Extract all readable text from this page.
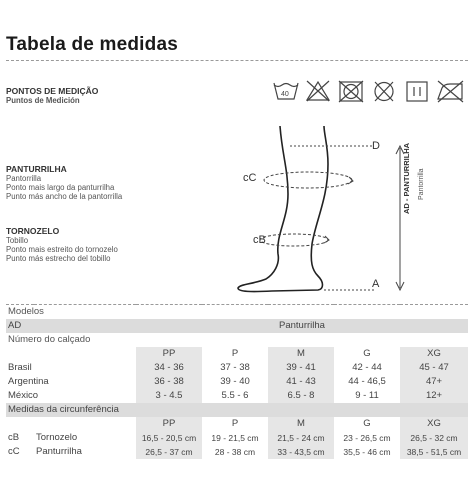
Tabela de medidas
PONTOS DE MEDIÇÃO
Puntos de Medición
40
PANTURRILHA
Pantorrilla
Ponto mais largo da panturrilha
Punto más ancho de la pantorrilla
TORNOZELO
Tobillo
Ponto mais estreito do tornozelo
Punto más estrecho del tobillo
cC
cB
D
A
AD - PANTURRILHA Pantorrilla
Modelos						
AD		Panturrilha				
Número do calçado						
		PP	P	M	G	XG
Brasil		34 - 36	37 - 38	39 - 41	42 - 44	45 - 47
Argentina		36 - 38	39 - 40	41 - 43	44 - 46,5	47+
México		3 - 4.5	5.5 - 6	6.5 - 8	9 - 11	12+
Medidas da circunferência						
		PP	P	M	G	XG
cB	Tornozelo	16,5 - 20,5 cm	19 - 21,5 cm	21,5 - 24 cm	23 - 26,5 cm	26,5 - 32 cm
cC	Panturrilha	26,5 - 37 cm	28 - 38 cm	33 - 43,5 cm	35,5 - 46 cm	38,5 - 51,5 cm
